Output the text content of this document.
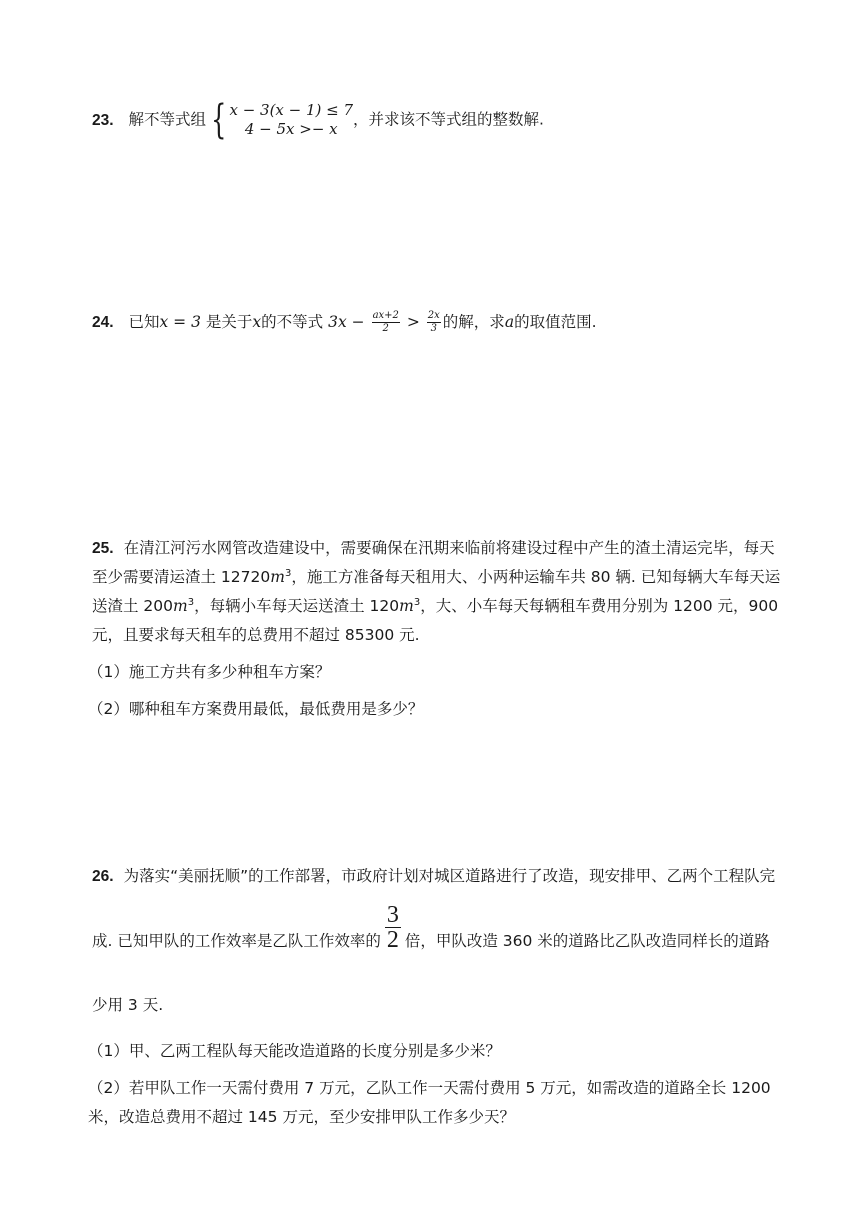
23. 解不等式组 { x − 3(x − 1) ≤ 7
4 − 5x >− x
，并求该不等式组的整数解.
24. 已知x = 3 是关于x的不等式 $3x - \frac{ax+2}{2} > \frac{2x}{3}$ 的解，求a的取值范围.

25. 在清江河污水网管改造建设中，需要确保在汛期来临前将建设过程中产生的渣土清运完毕，每天至少需要清运渣土 $12720m^3$，施工方准备每天租用大、小两种运输车共 80 辆. 已知每辆大车每天运送渣土 $200m^3$，每辆小车每天运送渣土 $120m^3$，大、小车每天每辆租车费用分别为 1200 元，900 元，且要求每天租车的总费用不超过 85300 元.

（1）施工方共有多少种租车方案？

（2）哪种租车方案费用最低，最低费用是多少？

26. 为落实“美丽抚顺”的工作部署，市政府计划对城区道路进行了改造，现安排甲、乙两个工程队完成. 已知甲队的工作效率是乙队工作效率的 $\frac{3}{2}$ 倍，甲队改造 360 米的道路比乙队改造同样长的道路少用 3 天.

（1）甲、乙两工程队每天能改造道路的长度分别是多少米？

（2）若甲队工作一天需付费用 7 万元，乙队工作一天需付费用 5 万元，如需改造的道路全长 1200 米，改造总费用不超过 145 万元，至少安排甲队工作多少天？
